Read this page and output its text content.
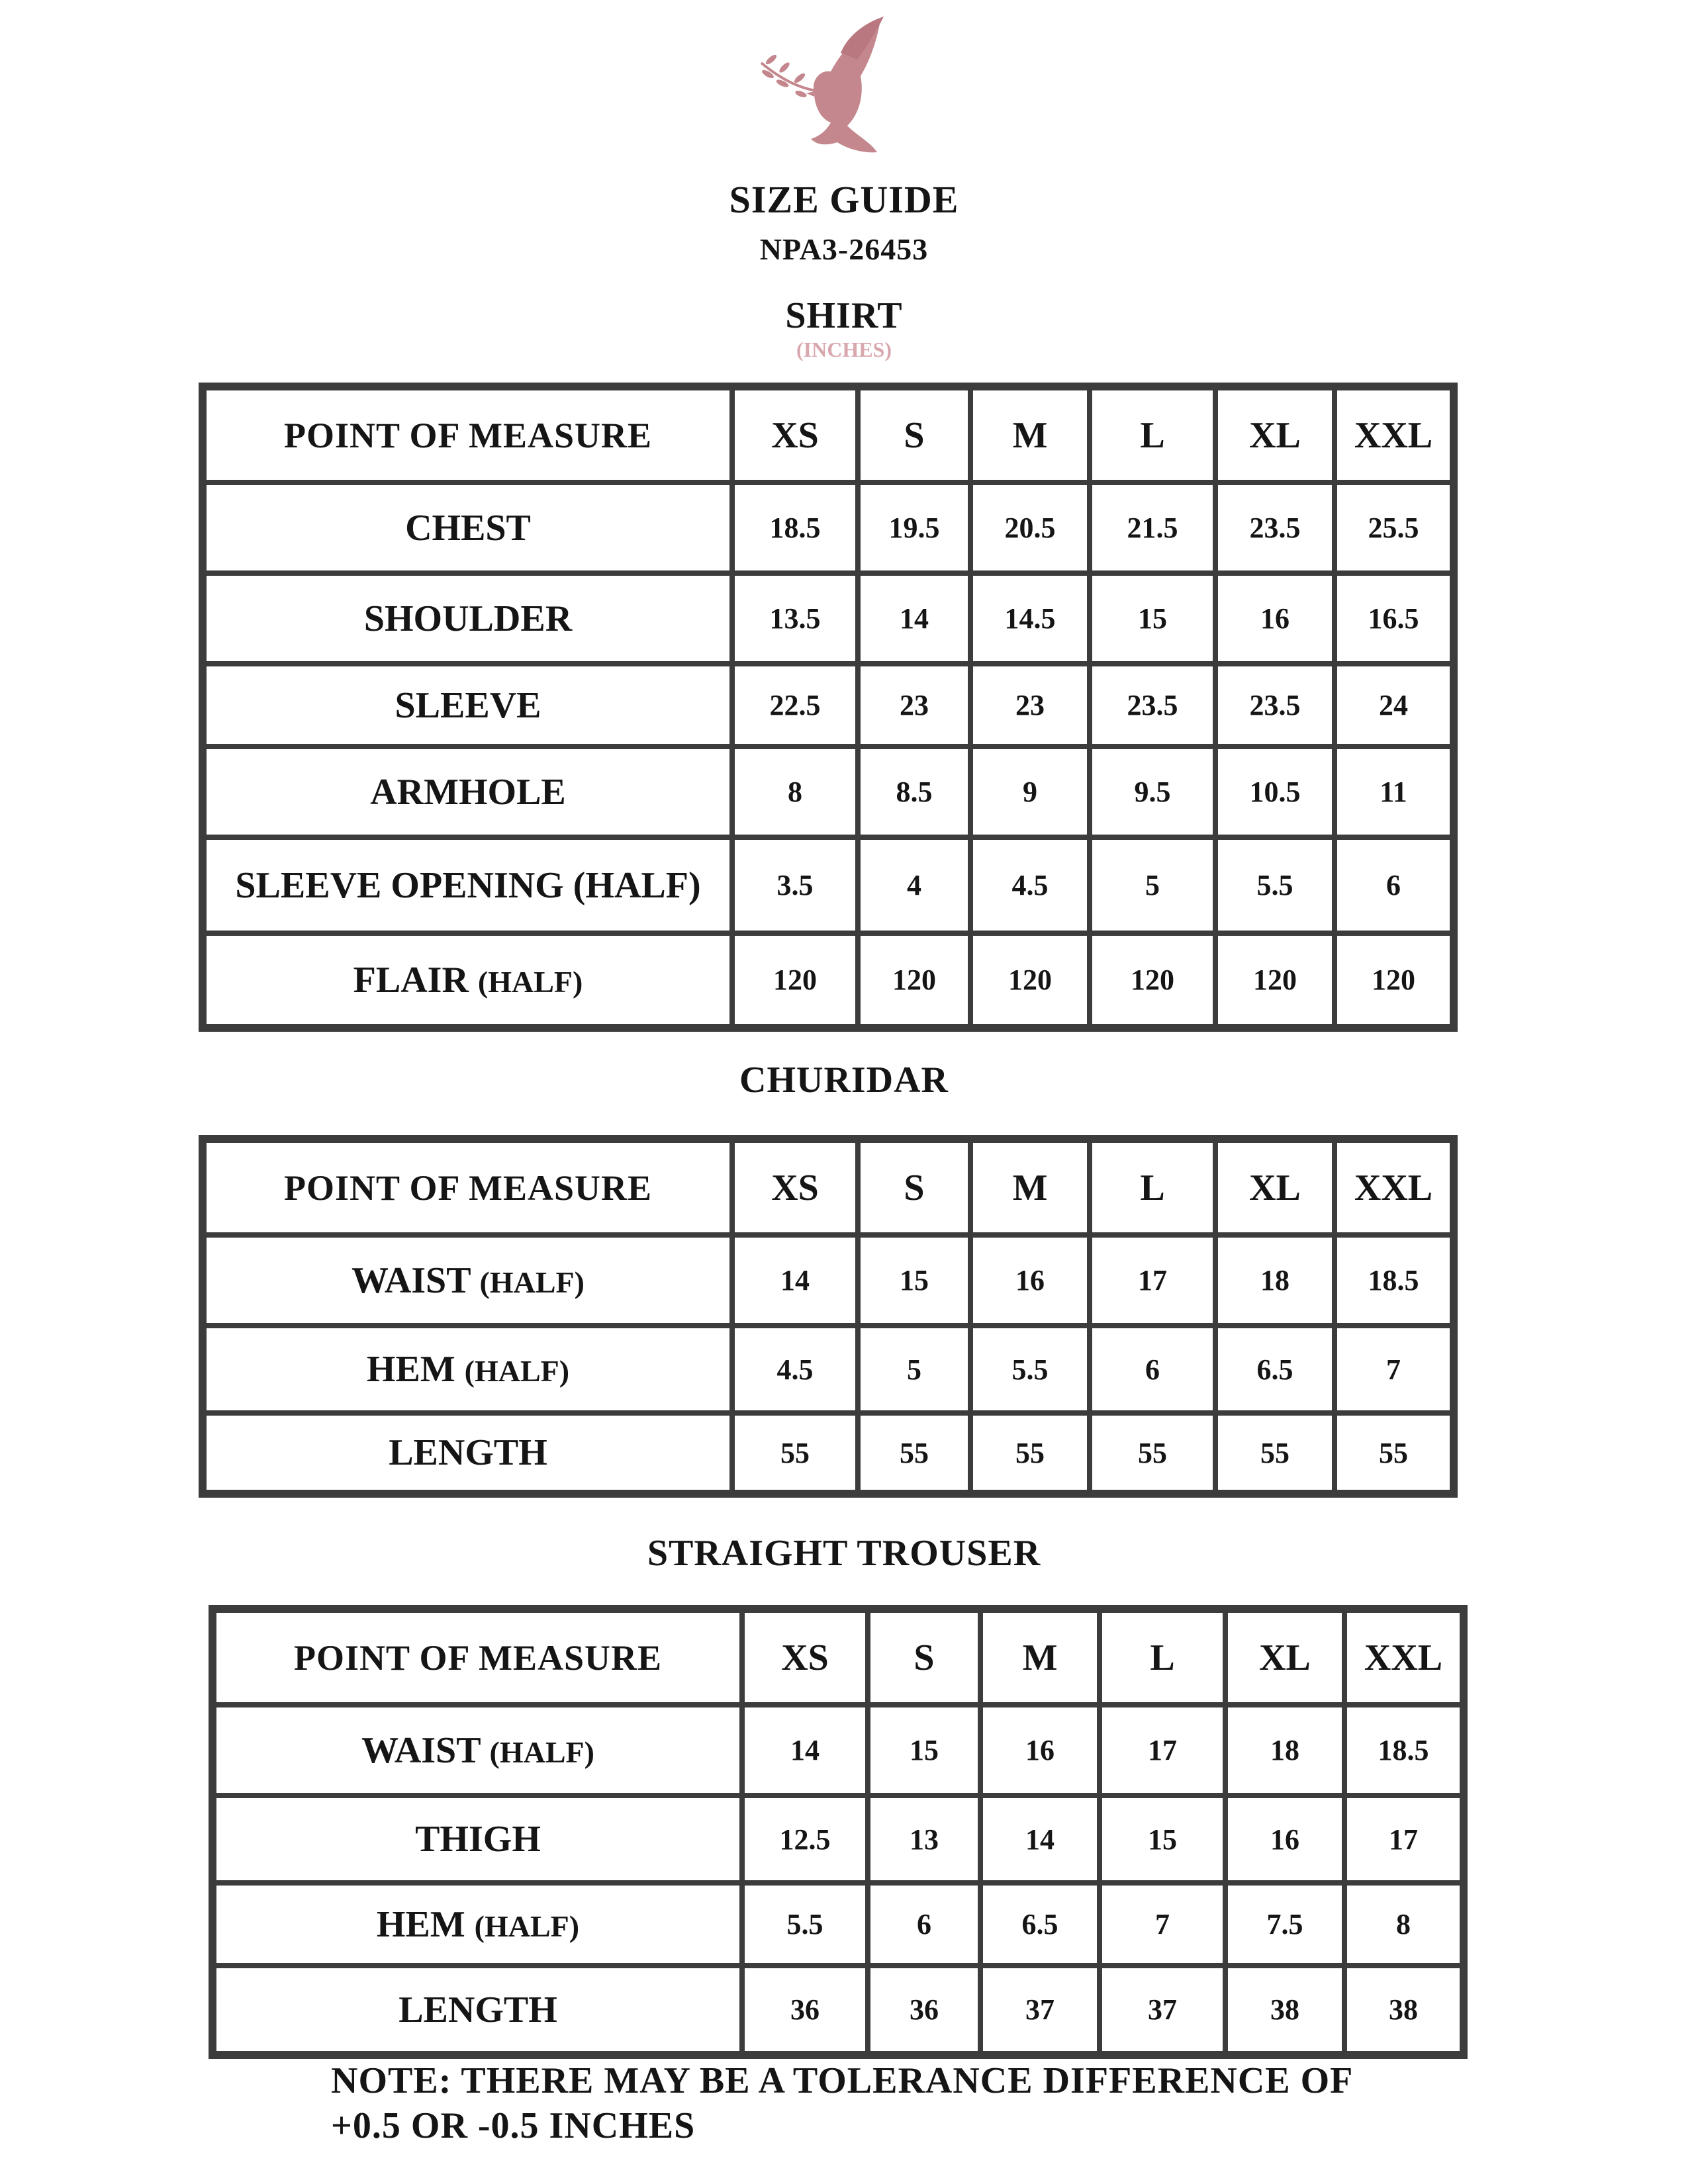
SIZE GUIDE
NPA3-26453
SHIRT
(INCHES)
POINT OF MEASURE	XS	S	M	L	XL	XXL
CHEST	18.5	19.5	20.5	21.5	23.5	25.5
SHOULDER	13.5	14	14.5	15	16	16.5
SLEEVE	22.5	23	23	23.5	23.5	24
ARMHOLE	8	8.5	9	9.5	10.5	11
SLEEVE OPENING (HALF)	3.5	4	4.5	5	5.5	6
FLAIR (HALF)	120	120	120	120	120	120
CHURIDAR
POINT OF MEASURE	XS	S	M	L	XL	XXL
WAIST (HALF)	14	15	16	17	18	18.5
HEM (HALF)	4.5	5	5.5	6	6.5	7
LENGTH	55	55	55	55	55	55
STRAIGHT TROUSER
POINT OF MEASURE	XS	S	M	L	XL	XXL
WAIST (HALF)	14	15	16	17	18	18.5
THIGH	12.5	13	14	15	16	17
HEM (HALF)	5.5	6	6.5	7	7.5	8
LENGTH	36	36	37	37	38	38
NOTE: THERE MAY BE A TOLERANCE DIFFERENCE OF
+0.5 OR -0.5 INCHES
